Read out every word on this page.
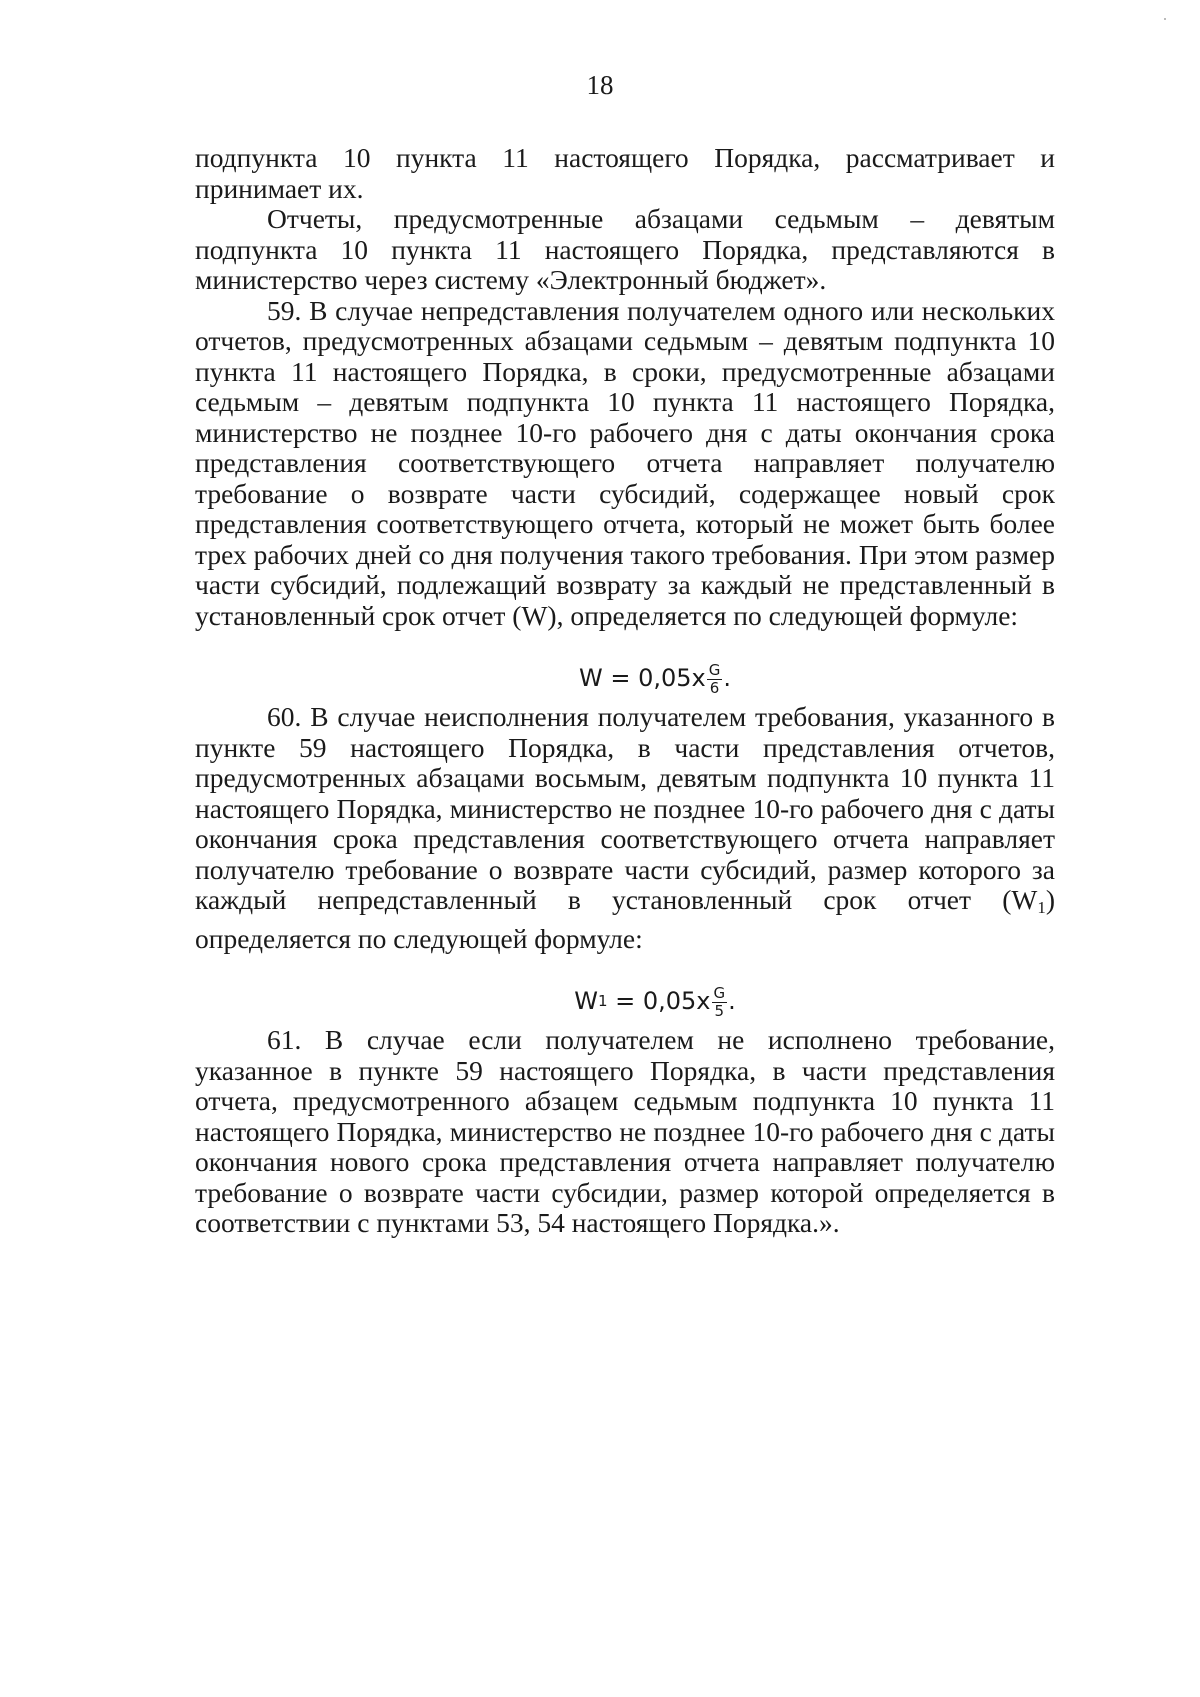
18

подпункта 10 пункта 11 настоящего Порядка, рассматривает и принимает их.

Отчеты, предусмотренные абзацами седьмым – девятым подпункта 10 пункта 11 настоящего Порядка, представляются в министерство через систему «Электронный бюджет».

59. В случае непредставления получателем одного или нескольких отчетов, предусмотренных абзацами седьмым – девятым подпункта 10 пункта 11 настоящего Порядка, в сроки, предусмотренные абзацами седьмым – девятым подпункта 10 пункта 11 настоящего Порядка, министерство не позднее 10-го рабочего дня с даты окончания срока представления соответствующего отчета направляет получателю требование о возврате части субсидий, содержащее новый срок представления соответствующего отчета, который не может быть более трех рабочих дней со дня получения такого требования. При этом размер части субсидий, подлежащий возврату за каждый не представленный в установленный срок отчет (W), определяется по следующей формуле:

$W = 0,05x \frac{G}{6}$ .

60. В случае неисполнения получателем требования, указанного в пункте 59 настоящего Порядка, в части представления отчетов, предусмотренных абзацами восьмым, девятым подпункта 10 пункта 11 настоящего Порядка, министерство не позднее 10-го рабочего дня с даты окончания срока представления соответствующего отчета направляет получателю требование о возврате части субсидий, размер которого за каждый непредставленный в установленный срок отчет (W1) определяется по следующей формуле:

W $1 = 0,05x \frac{G}{5}$ .

61. В случае если получателем не исполнено требование, указанное в пункте 59 настоящего Порядка, в части представления отчета, предусмотренного абзацем седьмым подпункта 10 пункта 11 настоящего Порядка, министерство не позднее 10-го рабочего дня с даты окончания нового срока представления отчета направляет получателю требование о возврате части субсидии, размер которой определяется в соответствии с пунктами 53, 54 настоящего Порядка.».
